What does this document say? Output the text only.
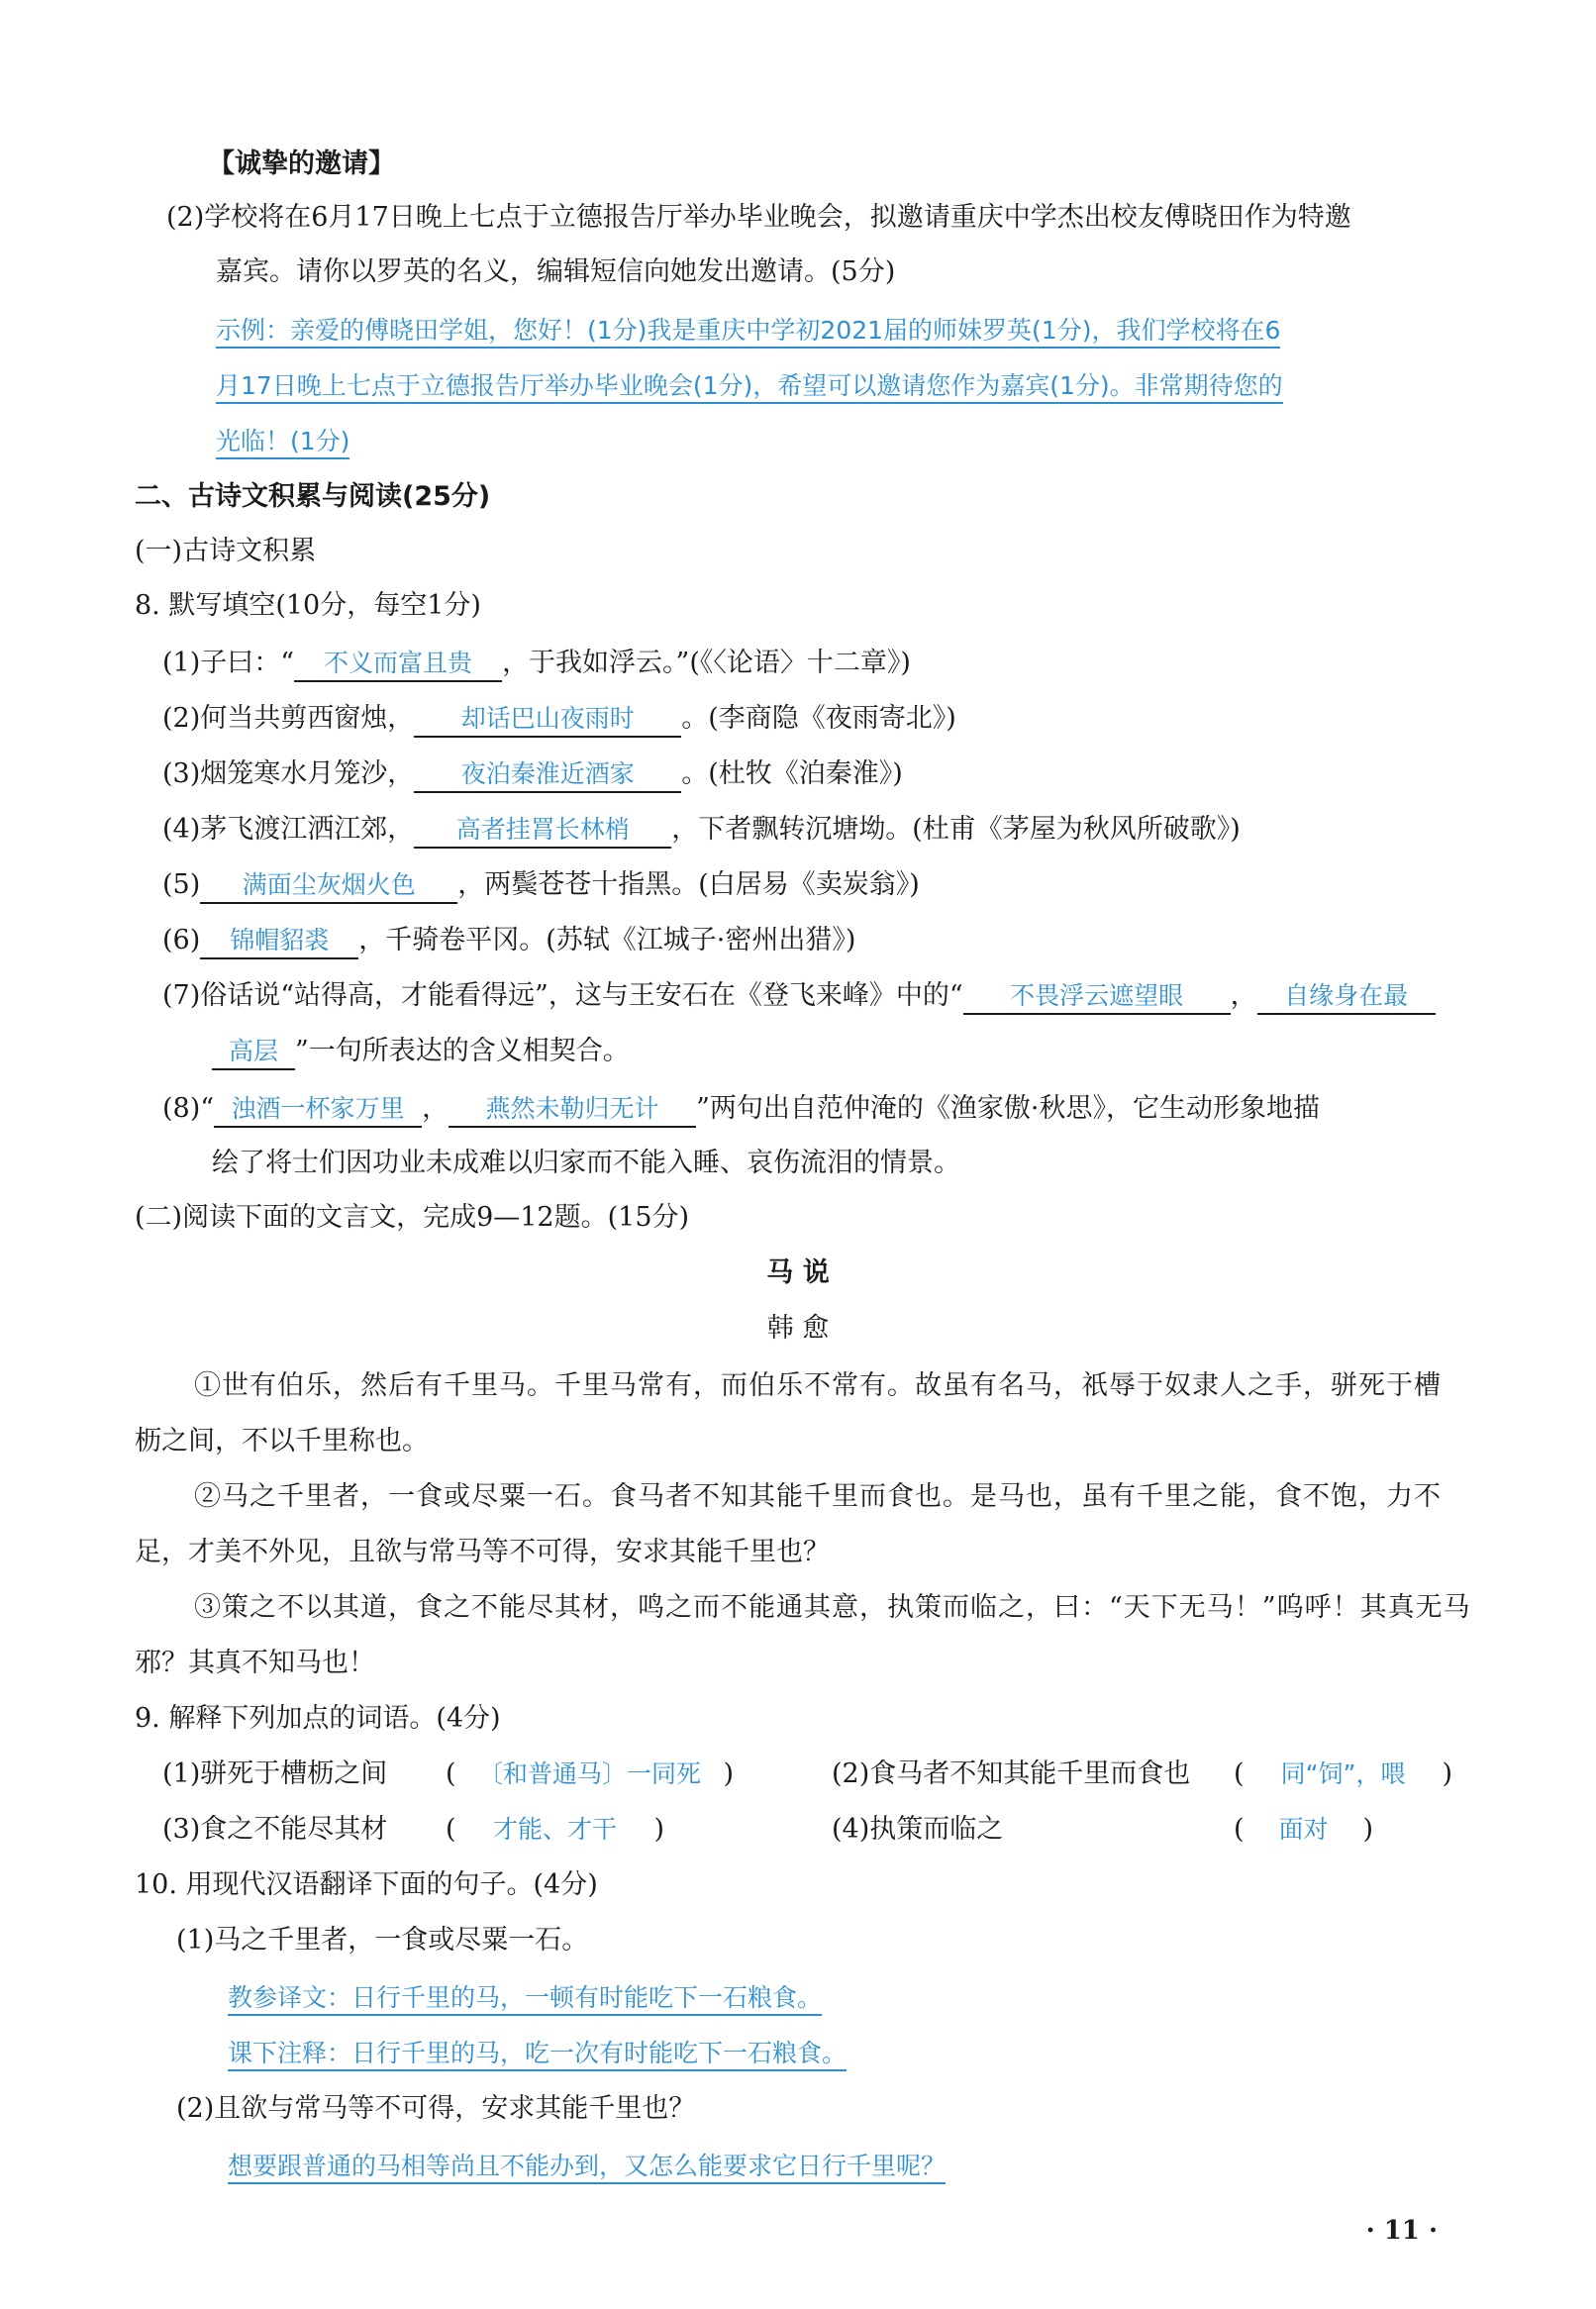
【诚挚的邀请】
(2)学校将在6月17日晚上七点于立德报告厅举办毕业晚会，拟邀请重庆中学杰出校友傅晓田作为特邀
嘉宾。请你以罗英的名义，编辑短信向她发出邀请。(5分)
示例：亲爱的傅晓田学姐，您好！(1分)我是重庆中学初2021届的师妹罗英(1分)，我们学校将在6
月17日晚上七点于立德报告厅举办毕业晚会(1分)，希望可以邀请您作为嘉宾(1分)。非常期待您的
光临！(1分)
二、古诗文积累与阅读(25分)
(一)古诗文积累
8. 默写填空(10分，每空1分)
(1)子曰：“ 不义而富且贵 ，于我如浮云。”(《〈论语〉十二章》)
(2)何当共剪西窗烛， 却话巴山夜雨时 。(李商隐《夜雨寄北》)
(3)烟笼寒水月笼沙， 夜泊秦淮近酒家 。(杜牧《泊秦淮》)
(4)茅飞渡江洒江郊， 高者挂罥长林梢 ，下者飘转沉塘坳。(杜甫《茅屋为秋风所破歌》)
(5) 满面尘灰烟火色 ，两鬓苍苍十指黑。(白居易《卖炭翁》)
(6) 锦帽貂裘 ，千骑卷平冈。(苏轼《江城子·密州出猎》)
(7)俗话说“站得高，才能看得远”，这与王安石在《登飞来峰》中的“ 不畏浮云遮望眼 ， 自缘身在最
高层 ”一句所表达的含义相契合。
(8)“ 浊酒一杯家万里 ， 燕然未勒归无计 ”两句出自范仲淹的《渔家傲·秋思》，它生动形象地描
绘了将士们因功业未成难以归家而不能入睡、哀伤流泪的情景。
(二)阅读下面的文言文，完成9—12题。(15分)
马 说
韩 愈
①世有伯乐，然后有千里马。千里马常有，而伯乐不常有。故虽有名马，祇辱于奴隶人之手，骈死于槽
枥之间，不以千里称也。
②马之千里者，一食或尽粟一石。食马者不知其能千里而食也。是马也，虽有千里之能，食不饱，力不
足，才美不外见，且欲与常马等不可得，安求其能千里也？
③策之不以其道，食之不能尽其材，鸣之而不能通其意，执策而临之，曰：“天下无马！”呜呼！其真无马
邪？其真不知马也！
9. 解释下列加点的词语。(4分)
(1)骈死于槽枥之间 ( 〔和普通马〕一同死 )	(2)食马者不知其能千里而食也 ( 同“饲”，喂 )
(3)食之不能尽其材 ( 才能、才干 )	(4)执策而临之	( 面对 )
10. 用现代汉语翻译下面的句子。(4分)
(1)马之千里者，一食或尽粟一石。
教参译文：日行千里的马，一顿有时能吃下一石粮食。
课下注释：日行千里的马，吃一次有时能吃下一石粮食。
(2)且欲与常马等不可得，安求其能千里也？
想要跟普通的马相等尚且不能办到，又怎么能要求它日行千里呢？
· 11 ·
